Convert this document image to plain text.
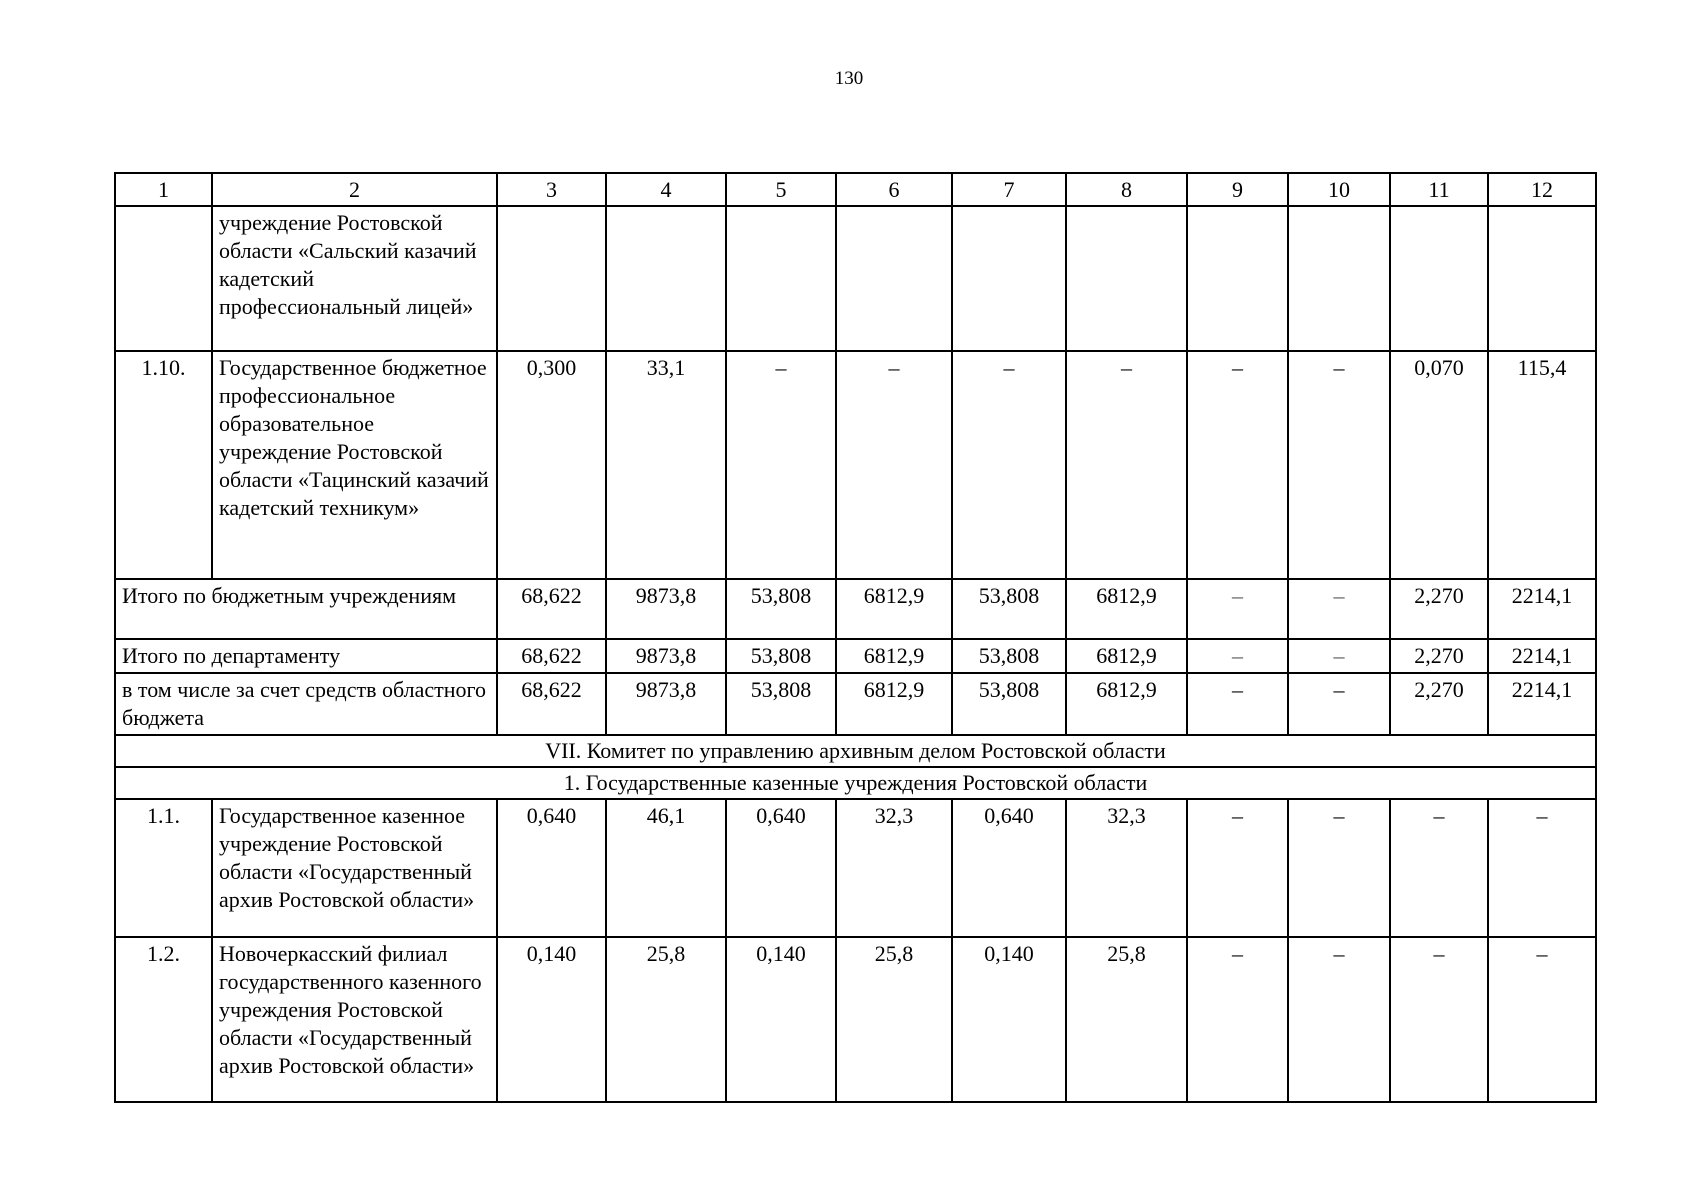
130
1	2	3	4	5	6	7	8	9	10	11	12
	учреждение Ростовской области «Сальский казачий кадетский профессиональный лицей»										
1.10.	Государственное бюджетное профессиональное образовательное учреждение Ростовской области «Тацинский казачий кадетский техникум»	0,300	33,1	–	–	–	–	–	–	0,070	115,4
Итого по бюджетным учреждениям		68,622	9873,8	53,808	6812,9	53,808	6812,9	–	–	2,270	2214,1
Итого по департаменту		68,622	9873,8	53,808	6812,9	53,808	6812,9	–	–	2,270	2214,1
в том числе за счет средств областного бюджета		68,622	9873,8	53,808	6812,9	53,808	6812,9	–	–	2,270	2214,1
VII. Комитет по управлению архивным делом Ростовской области											
1. Государственные казенные учреждения Ростовской области											
1.1.	Государственное казенное учреждение Ростовской области «Государственный архив Ростовской области»	0,640	46,1	0,640	32,3	0,640	32,3	–	–	–	–
1.2.	Новочеркасский филиал государственного казенного учреждения Ростовской области «Государственный архив Ростовской области»	0,140	25,8	0,140	25,8	0,140	25,8	–	–	–	–
